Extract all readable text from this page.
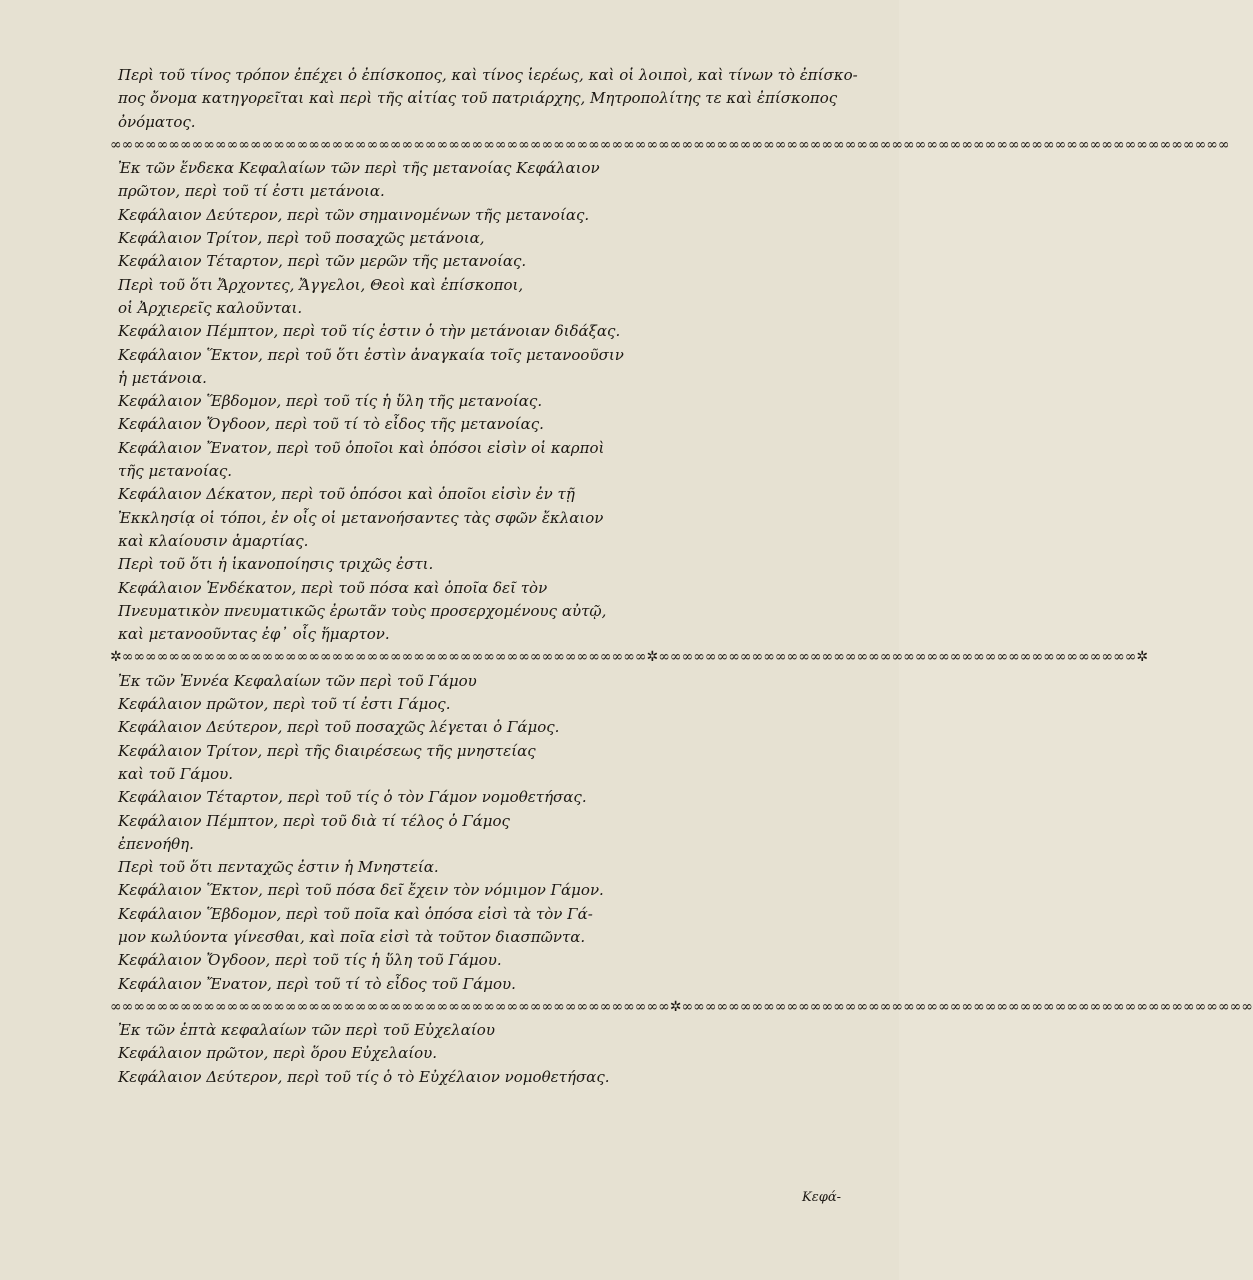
Περὶ τοῦ τίνος τρόπον ἐπέχει ὁ ἐπίσκοπος, καὶ τίνος ἱερέως, καὶ οἱ λοιποὶ, καὶ τίνων τὸ ἐπίσκο-
πος ὄνομα κατηγορεῖται καὶ περὶ τῆς αἰτίας τοῦ πατριάρχης, Μητροπολίτης τε καὶ ἐπίσκοπος
ὀνόματος.
∞∞∞∞∞∞∞∞∞∞∞∞∞∞∞∞∞∞∞∞∞∞∞∞∞∞∞∞∞∞∞∞∞∞∞∞∞∞∞∞∞∞∞∞∞∞∞∞∞∞∞∞∞∞∞∞∞∞∞∞∞∞∞∞∞∞∞∞∞∞∞∞∞∞∞∞∞∞∞∞∞∞∞∞∞∞∞∞∞∞∞∞∞∞∞∞
Ἐκ τῶν ἕνδεκα Κεφαλαίων τῶν περὶ τῆς μετανοίας Κεφάλαιον
πρῶτον, περὶ τοῦ τί ἐστι μετάνοια.
Κεφάλαιον Δεύτερον, περὶ τῶν σημαινομένων τῆς μετανοίας.
Κεφάλαιον Τρίτον, περὶ τοῦ ποσαχῶς μετάνοια,
Κεφάλαιον Τέταρτον, περὶ τῶν μερῶν τῆς μετανοίας.
Περὶ τοῦ ὅτι Ἄρχοντες, Ἄγγελοι, Θεοὶ καὶ ἐπίσκοποι,
οἱ Ἀρχιερεῖς καλοῦνται.
Κεφάλαιον Πέμπτον, περὶ τοῦ τίς ἐστιν ὁ τὴν μετάνοιαν διδάξας.
Κεφάλαιον Ἕκτον, περὶ τοῦ ὅτι ἐστὶν ἀναγκαία τοῖς μετανοοῦσιν
ἡ μετάνοια.
Κεφάλαιον Ἕβδομον, περὶ τοῦ τίς ἡ ὕλη τῆς μετανοίας.
Κεφάλαιον Ὄγδοον, περὶ τοῦ τί τὸ εἶδος τῆς μετανοίας.
Κεφάλαιον Ἔνατον, περὶ τοῦ ὁποῖοι καὶ ὁπόσοι εἰσὶν οἱ καρποὶ
τῆς μετανοίας.
Κεφάλαιον Δέκατον, περὶ τοῦ ὁπόσοι καὶ ὁποῖοι εἰσὶν ἐν τῇ
Ἐκκλησίᾳ οἱ τόποι, ἐν οἷς οἱ μετανοήσαντες τὰς σφῶν ἔκλαιον
καὶ κλαίουσιν ἁμαρτίας.
Περὶ τοῦ ὅτι ἡ ἱκανοποίησις τριχῶς ἐστι.
Κεφάλαιον Ἑνδέκατον, περὶ τοῦ πόσα καὶ ὁποῖα δεῖ τὸν
Πνευματικὸν πνευματικῶς ἐρωτᾶν τοὺς προσερχομένους αὐτῷ,
καὶ μετανοοῦντας ἐφ᾽ οἷς ἥμαρτον.
✲∞∞∞∞∞∞∞∞∞∞∞∞∞∞∞∞∞∞∞∞∞∞∞∞∞∞∞∞∞∞∞∞∞∞∞∞∞∞∞∞∞∞∞∞∞✲∞∞∞∞∞∞∞∞∞∞∞∞∞∞∞∞∞∞∞∞∞∞∞∞∞∞∞∞∞∞∞∞∞∞∞∞∞∞∞∞∞✲
Ἐκ τῶν Ἐννέα Κεφαλαίων τῶν περὶ τοῦ Γάμου
Κεφάλαιον πρῶτον, περὶ τοῦ τί ἐστι Γάμος.
Κεφάλαιον Δεύτερον, περὶ τοῦ ποσαχῶς λέγεται ὁ Γάμος.
Κεφάλαιον Τρίτον, περὶ τῆς διαιρέσεως τῆς μνηστείας
καὶ τοῦ Γάμου.
Κεφάλαιον Τέταρτον, περὶ τοῦ τίς ὁ τὸν Γάμον νομοθετήσας.
Κεφάλαιον Πέμπτον, περὶ τοῦ διὰ τί τέλος ὁ Γάμος
ἐπενοήθη.
Περὶ τοῦ ὅτι πενταχῶς ἐστιν ἡ Μνηστεία.
Κεφάλαιον Ἕκτον, περὶ τοῦ πόσα δεῖ ἔχειν τὸν νόμιμον Γάμον.
Κεφάλαιον Ἕβδομον, περὶ τοῦ ποῖα καὶ ὁπόσα εἰσὶ τὰ τὸν Γά-
μον κωλύοντα γίνεσθαι, καὶ ποῖα εἰσὶ τὰ τοῦτον διασπῶντα.
Κεφάλαιον Ὄγδοον, περὶ τοῦ τίς ἡ ὕλη τοῦ Γάμου.
Κεφάλαιον Ἔνατον, περὶ τοῦ τί τὸ εἶδος τοῦ Γάμου.
∞∞∞∞∞∞∞∞∞∞∞∞∞∞∞∞∞∞∞∞∞∞∞∞∞∞∞∞∞∞∞∞∞∞∞∞∞∞∞∞∞∞∞∞∞∞∞∞✲∞∞∞∞∞∞∞∞∞∞∞∞∞∞∞∞∞∞∞∞∞∞∞∞∞∞∞∞∞∞∞∞∞∞∞∞∞∞∞∞∞∞∞∞∞∞∞∞∞
Ἐκ τῶν ἑπτὰ κεφαλαίων τῶν περὶ τοῦ Εὐχελαίου
Κεφάλαιον πρῶτον, περὶ ὅρου Εὐχελαίου.
Κεφάλαιον Δεύτερον, περὶ τοῦ τίς ὁ τὸ Εὐχέλαιον νομοθετήσας.
Κεφά-
